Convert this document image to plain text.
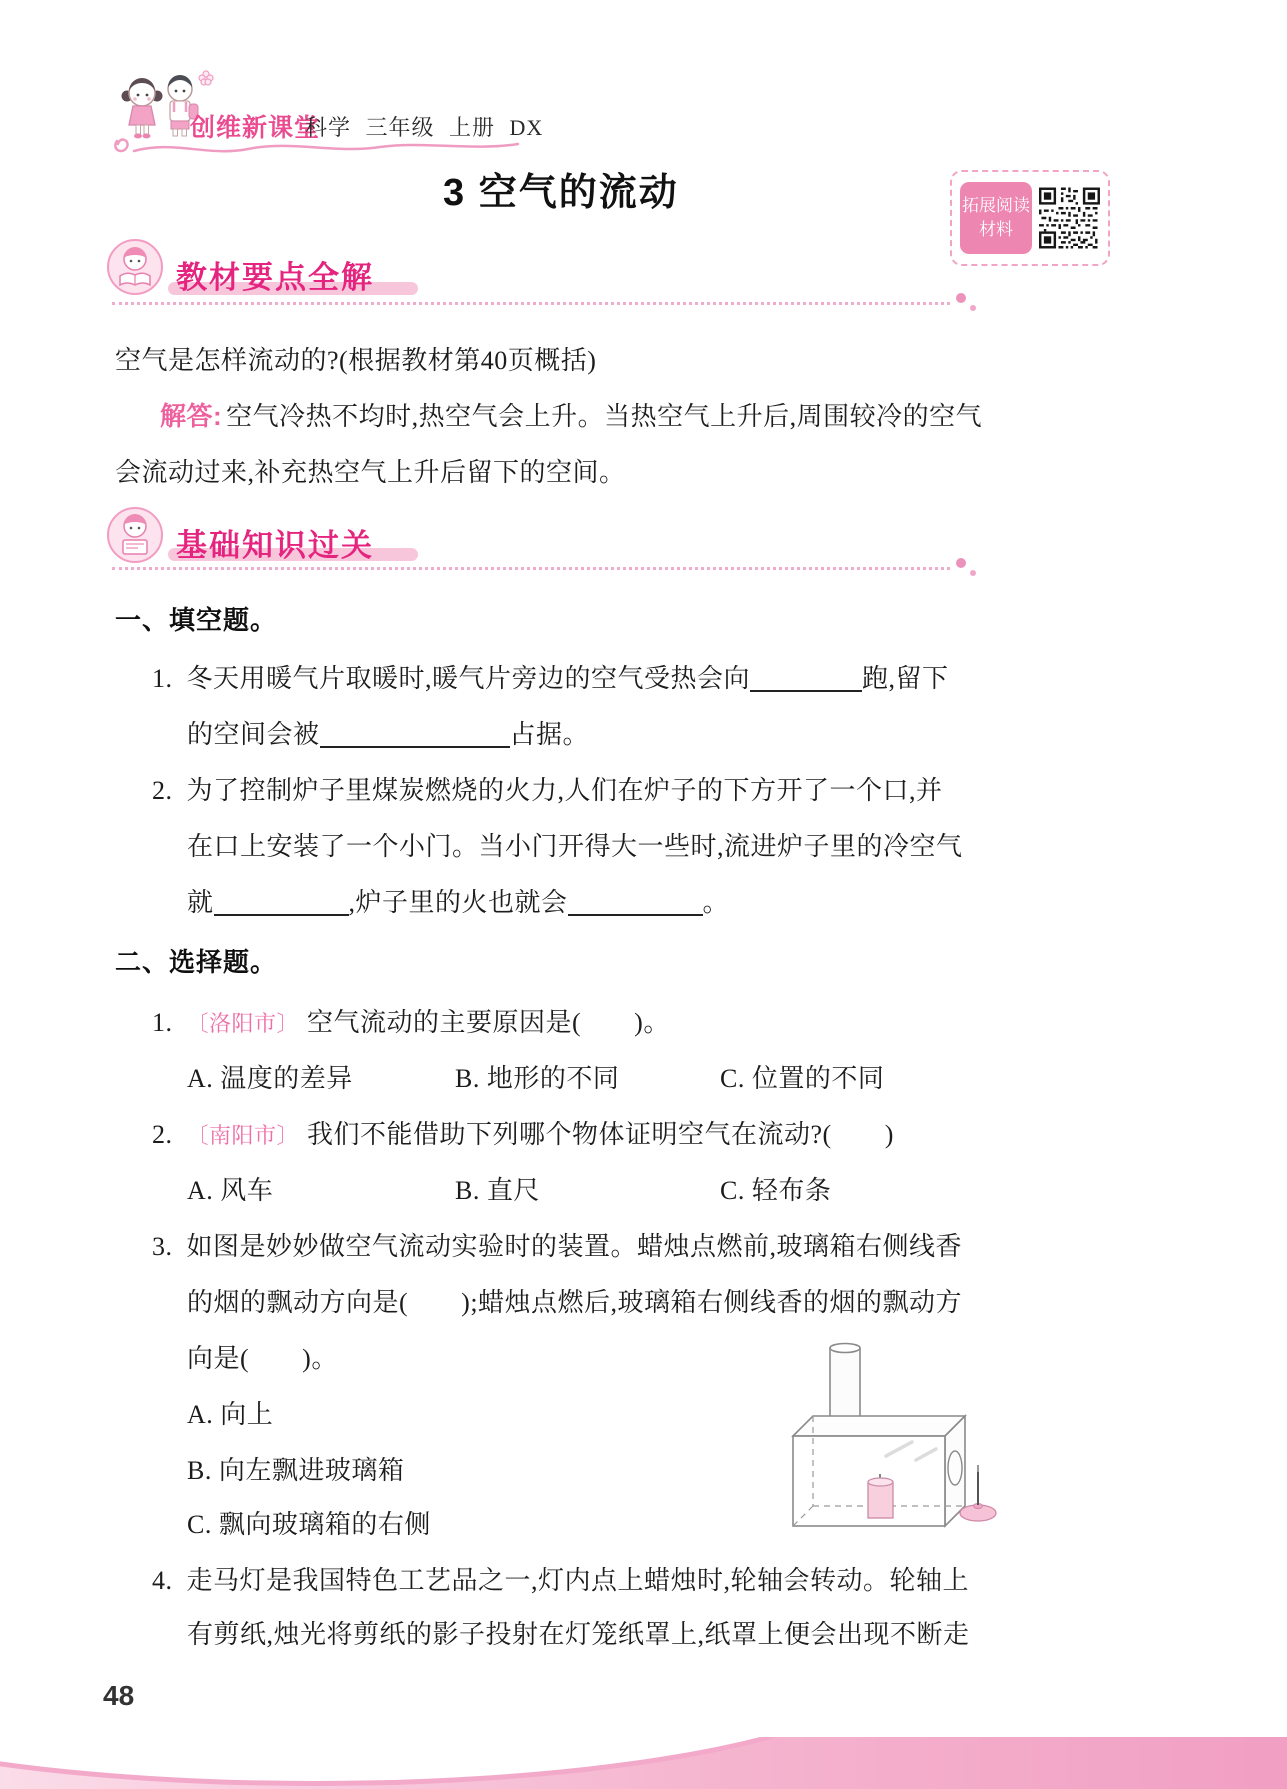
创维新课堂
科学 三年级 上册 DX
3 空气的流动	拓展阅读
材料
教材要点全解
空气是怎样流动的?(根据教材第40页概括)
解答: 空气冷热不均时,热空气会上升。当热空气上升后,周围较冷的空气
会流动过来,补充热空气上升后留下的空间。
基础知识过关
一、填空题。
1. 冬天用暖气片取暖时,暖气片旁边的空气受热会向	跑,留下
的空间会被	占据。
2. 为了控制炉子里煤炭燃烧的火力,人们在炉子的下方开了一个口,并
在口上安装了一个小门。当小门开得大一些时,流进炉子里的冷空气
就	,炉子里的火也就会	。
二、选择题。
1. 〔洛阳市〕 空气流动的主要原因是(　　)。
A. 温度的差异	B. 地形的不同	C. 位置的不同
2. 〔南阳市〕 我们不能借助下列哪个物体证明空气在流动?(　　)
A. 风车	B. 直尺	C. 轻布条
3. 如图是妙妙做空气流动实验时的装置。蜡烛点燃前,玻璃箱右侧线香
的烟的飘动方向是(　　);蜡烛点燃后,玻璃箱右侧线香的烟的飘动方
向是(　　)。
A. 向上
B. 向左飘进玻璃箱
C. 飘向玻璃箱的右侧
4. 走马灯是我国特色工艺品之一,灯内点上蜡烛时,轮轴会转动。轮轴上
有剪纸,烛光将剪纸的影子投射在灯笼纸罩上,纸罩上便会出现不断走
48
